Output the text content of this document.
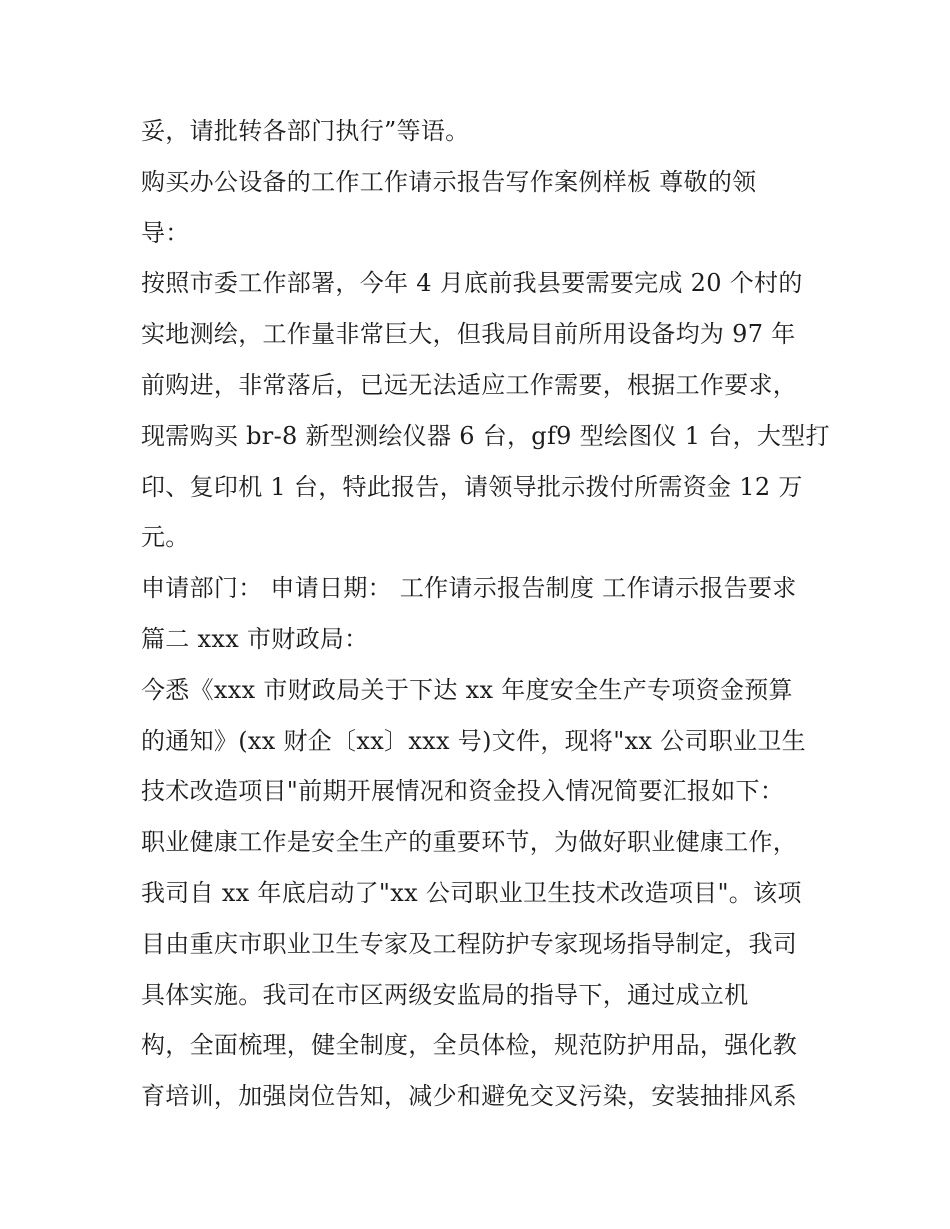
妥，请批转各部门执行”等语。
购买办公设备的工作工作请示报告写作案例样板 尊敬的领
导：
按照市委工作部署，今年 4 月底前我县要需要完成 20 个村的
实地测绘，工作量非常巨大，但我局目前所用设备均为 97 年
前购进，非常落后，已远无法适应工作需要，根据工作要求，
现需购买 br-8 新型测绘仪器 6 台，gf9 型绘图仪 1 台，大型打
印、复印机 1 台，特此报告，请领导批示拨付所需资金 12 万
元。
申请部门： 申请日期： 工作请示报告制度 工作请示报告要求
篇二 xxx 市财政局：
今悉《xxx 市财政局关于下达 xx 年度安全生产专项资金预算
的通知》(xx 财企〔xx〕xxx 号)文件，现将"xx 公司职业卫生
技术改造项目"前期开展情况和资金投入情况简要汇报如下：
职业健康工作是安全生产的重要环节，为做好职业健康工作，
我司自 xx 年底启动了"xx 公司职业卫生技术改造项目"。该项
目由重庆市职业卫生专家及工程防护专家现场指导制定，我司
具体实施。我司在市区两级安监局的指导下，通过成立机
构，全面梳理，健全制度，全员体检，规范防护用品，强化教
育培训，加强岗位告知，减少和避免交叉污染，安装抽排风系
